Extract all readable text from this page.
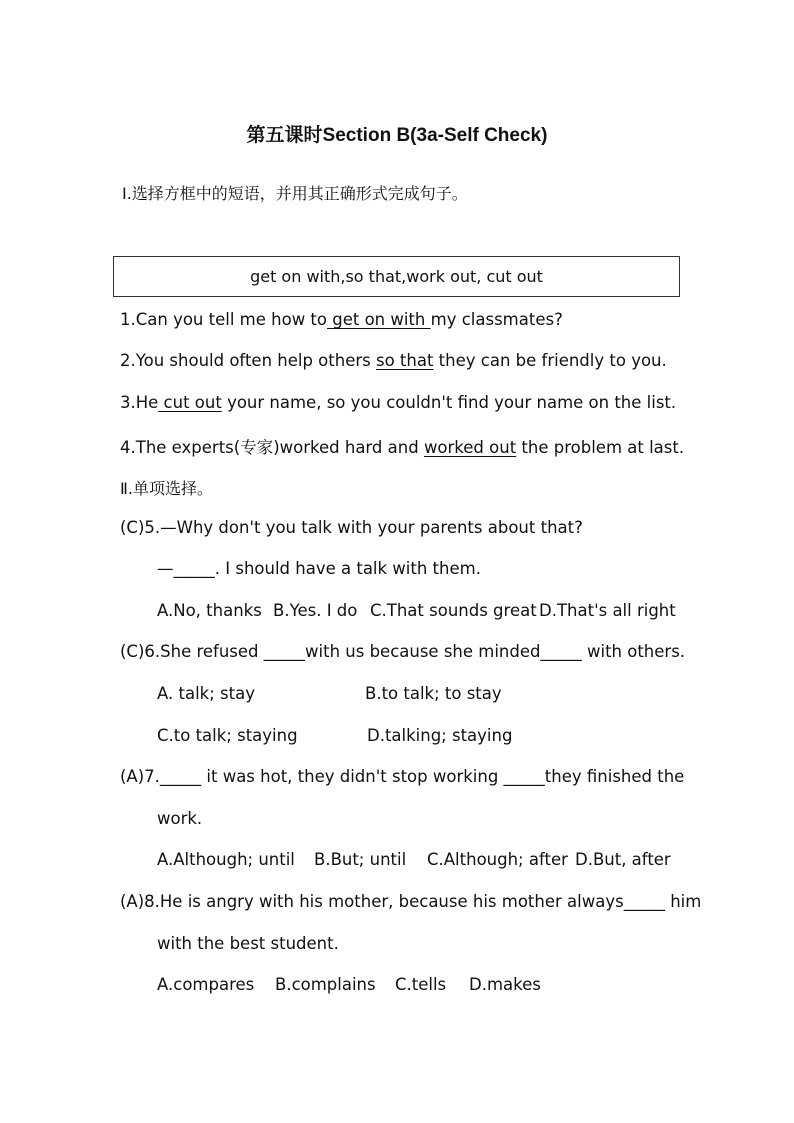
第五课时Section B(3a-Self Check)
Ⅰ.选择方框中的短语，并用其正确形式完成句子。
get on with,so that,work out, cut out
1.Can you tell me how to get on with my classmates?
2.You should often help others so that they can be friendly to you.
3.He cut out your name, so you couldn't find your name on the list.
4.The experts(专家)worked hard and worked out the problem at last.
Ⅱ.单项选择。
(C)5.—Why don't you talk with your parents about that?
—_____. I should have a talk with them.
A.No, thanks B.Yes. I do C.That sounds great D.That's all right
(C)6.She refused _____with us because she minded_____ with others.
A. talk; stay	B.to talk; to stay
C.to talk; staying	D.talking; staying
(A)7._____ it was hot, they didn't stop working _____they finished the
work.
A.Although; until B.But; until C.Although; after D.But, after
(A)8.He is angry with his mother, because his mother always_____ him
with the best student.
A.compares B.complains C.tells D.makes
